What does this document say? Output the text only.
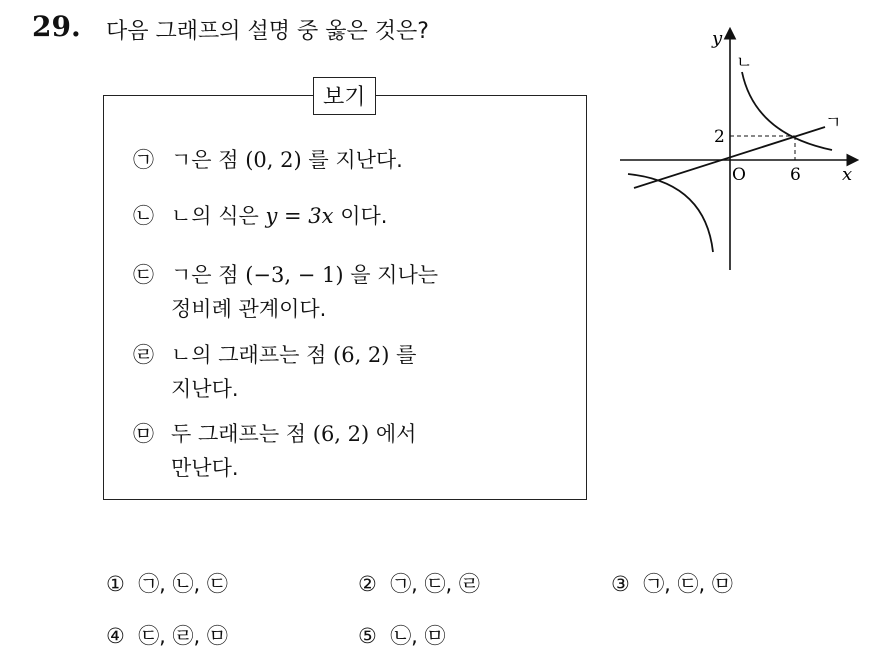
29. 다음 그래프의 설명 중 옳은 것은?
보기
㉠ ㄱ은 점 (0, 2) 를 지난다.
㉡ ㄴ의 식은 y = 3x 이다.
㉢ ㄱ은 점 (−3, − 1) 을 지나는
정비례 관계이다.
㉣ ㄴ의 그래프는 점 (6, 2) 를
지난다.
㉤ 두 그래프는 점 (6, 2) 에서
만난다.
y
x
O
2
6
ㄱ
ㄴ
① ㉠, ㉡, ㉢	② ㉠, ㉢, ㉣	③ ㉠, ㉢, ㉤
④ ㉢, ㉣, ㉤	⑤ ㉡, ㉤
